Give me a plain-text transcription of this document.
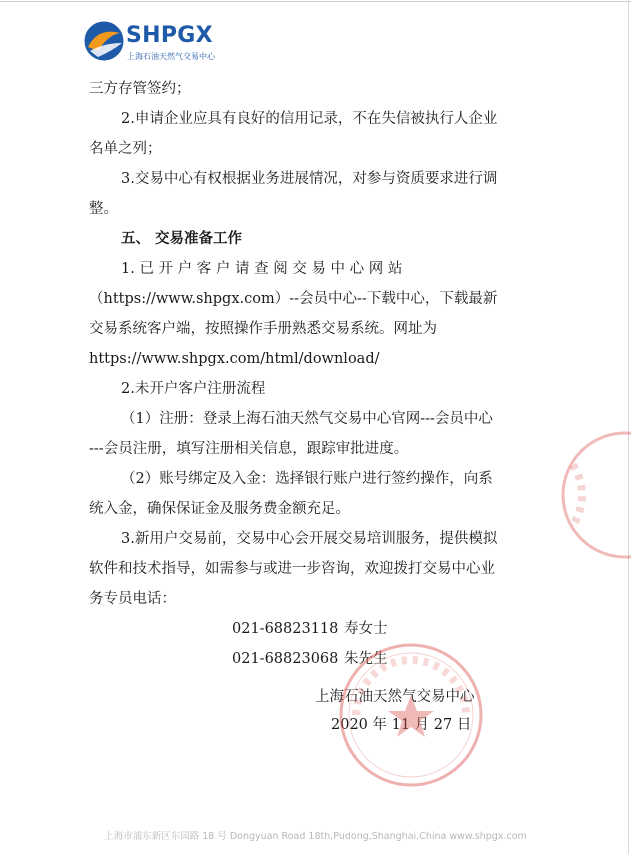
SHPGX
上海石油天然气交易中心
三方存管签约；
2.申请企业应具有良好的信用记录，不在失信被执行人企业
名单之列；
3.交易中心有权根据业务进展情况，对参与资质要求进行调
整。
五、 交易准备工作
1. 已 开 户 客 户 请 查 阅 交 易 中 心 网 站
（https://www.shpgx.com）--会员中心--下载中心，下载最新
交易系统客户端，按照操作手册熟悉交易系统。网址为
https://www.shpgx.com/html/download/
2.未开户客户注册流程
（1）注册：登录上海石油天然气交易中心官网---会员中心
---会员注册，填写注册相关信息，跟踪审批进度。
（2）账号绑定及入金：选择银行账户进行签约操作，向系
统入金，确保保证金及服务费金额充足。
3.新用户交易前，交易中心会开展交易培训服务，提供模拟
软件和技术指导，如需参与或进一步咨询，欢迎拨打交易中心业
务专员电话：
021-68823118 寿女士
021-68823068 朱先生
上海石油天然气交易中心
2020 年 11 月 27 日
上海市浦东新区东园路 18 号 Dongyuan Road 18th,Pudong,Shanghai,China www.shpgx.com
